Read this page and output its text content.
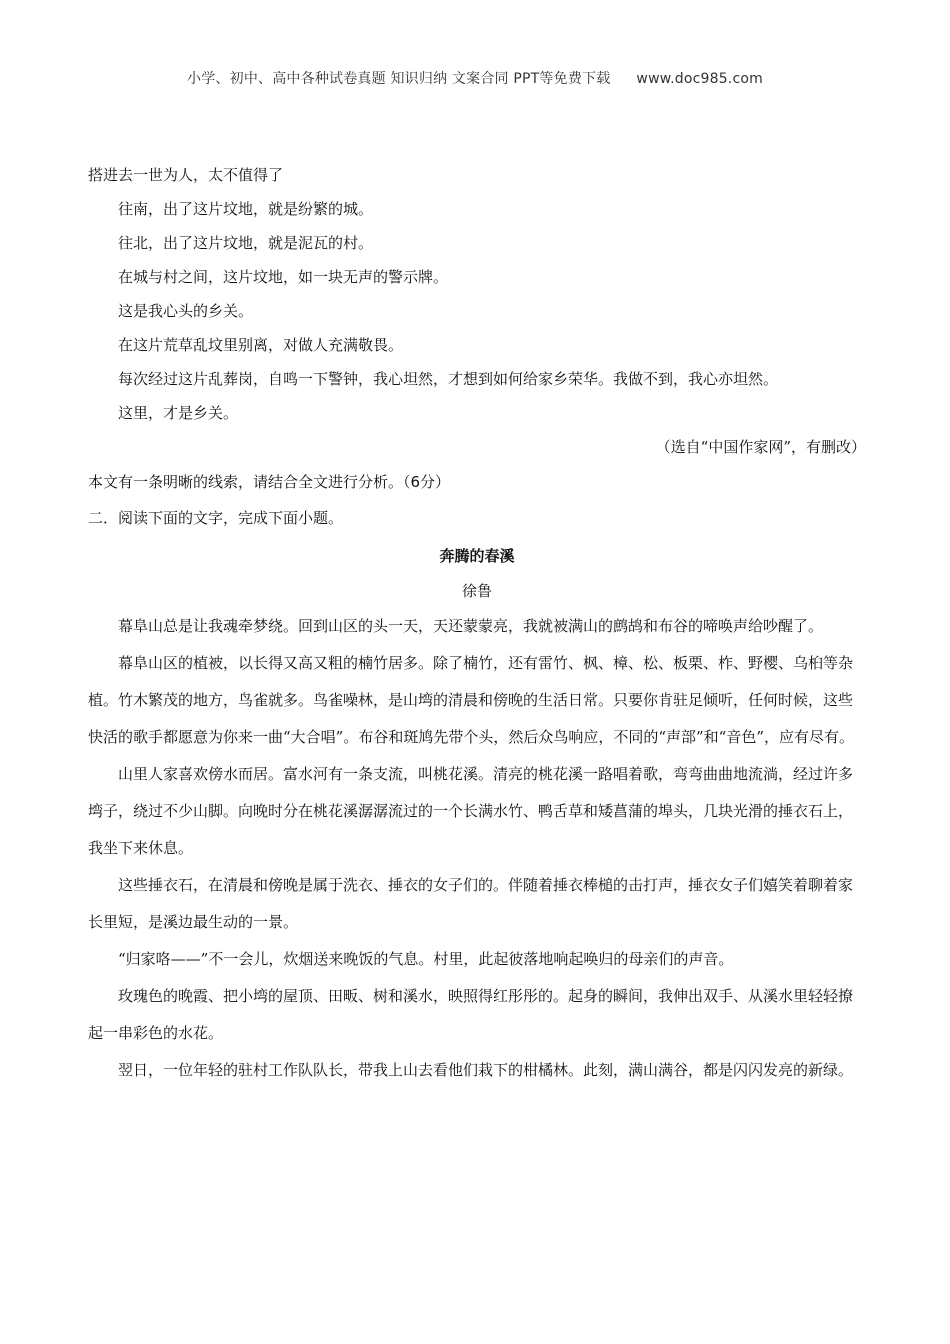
小学、初中、高中各种试卷真题 知识归纳 文案合同 PPT等免费下载 www.doc985.com

搭进去一世为人，太不值得了

往南，出了这片坟地，就是纷繁的城。

往北，出了这片坟地，就是泥瓦的村。

在城与村之间，这片坟地，如一块无声的警示牌。

这是我心头的乡关。

在这片荒草乱坟里别离，对做人充满敬畏。

每次经过这片乱葬岗，自鸣一下警钟，我心坦然，才想到如何给家乡荣华。我做不到，我心亦坦然。

这里，才是乡关。

（选自“中国作家网”，有删改）

本文有一条明晰的线索，请结合全文进行分析。（6分）

二．阅读下面的文字，完成下面小题。

奔腾的春溪
徐鲁

幕阜山总是让我魂牵梦绕。回到山区的头一天，天还蒙蒙亮，我就被满山的鹧鸪和布谷的啼唤声给吵醒了。

幕阜山区的植被，以长得又高又粗的楠竹居多。除了楠竹，还有雷竹、枫、樟、松、板栗、柞、野樱、乌桕等杂植。竹木繁茂的地方，鸟雀就多。鸟雀噪林，是山塆的清晨和傍晚的生活日常。只要你肯驻足倾听，任何时候，这些快活的歌手都愿意为你来一曲“大合唱”。布谷和斑鸠先带个头，然后众鸟响应，不同的“声部”和“音色”，应有尽有。

山里人家喜欢傍水而居。富水河有一条支流，叫桃花溪。清亮的桃花溪一路唱着歌，弯弯曲曲地流淌，经过许多塆子，绕过不少山脚。向晚时分在桃花溪潺潺流过的一个长满水竹、鸭舌草和矮菖蒲的埠头，几块光滑的捶衣石上，我坐下来休息。

这些捶衣石，在清晨和傍晚是属于洗衣、捶衣的女子们的。伴随着捶衣棒槌的击打声，捶衣女子们嬉笑着聊着家长里短，是溪边最生动的一景。

“归家咯——”不一会儿，炊烟送来晚饭的气息。村里，此起彼落地响起唤归的母亲们的声音。

玫瑰色的晚霞、把小塆的屋顶、田畈、树和溪水，映照得红彤彤的。起身的瞬间，我伸出双手、从溪水里轻轻撩起一串彩色的水花。

翌日，一位年轻的驻村工作队队长，带我上山去看他们栽下的柑橘林。此刻，满山满谷，都是闪闪发亮的新绿。
